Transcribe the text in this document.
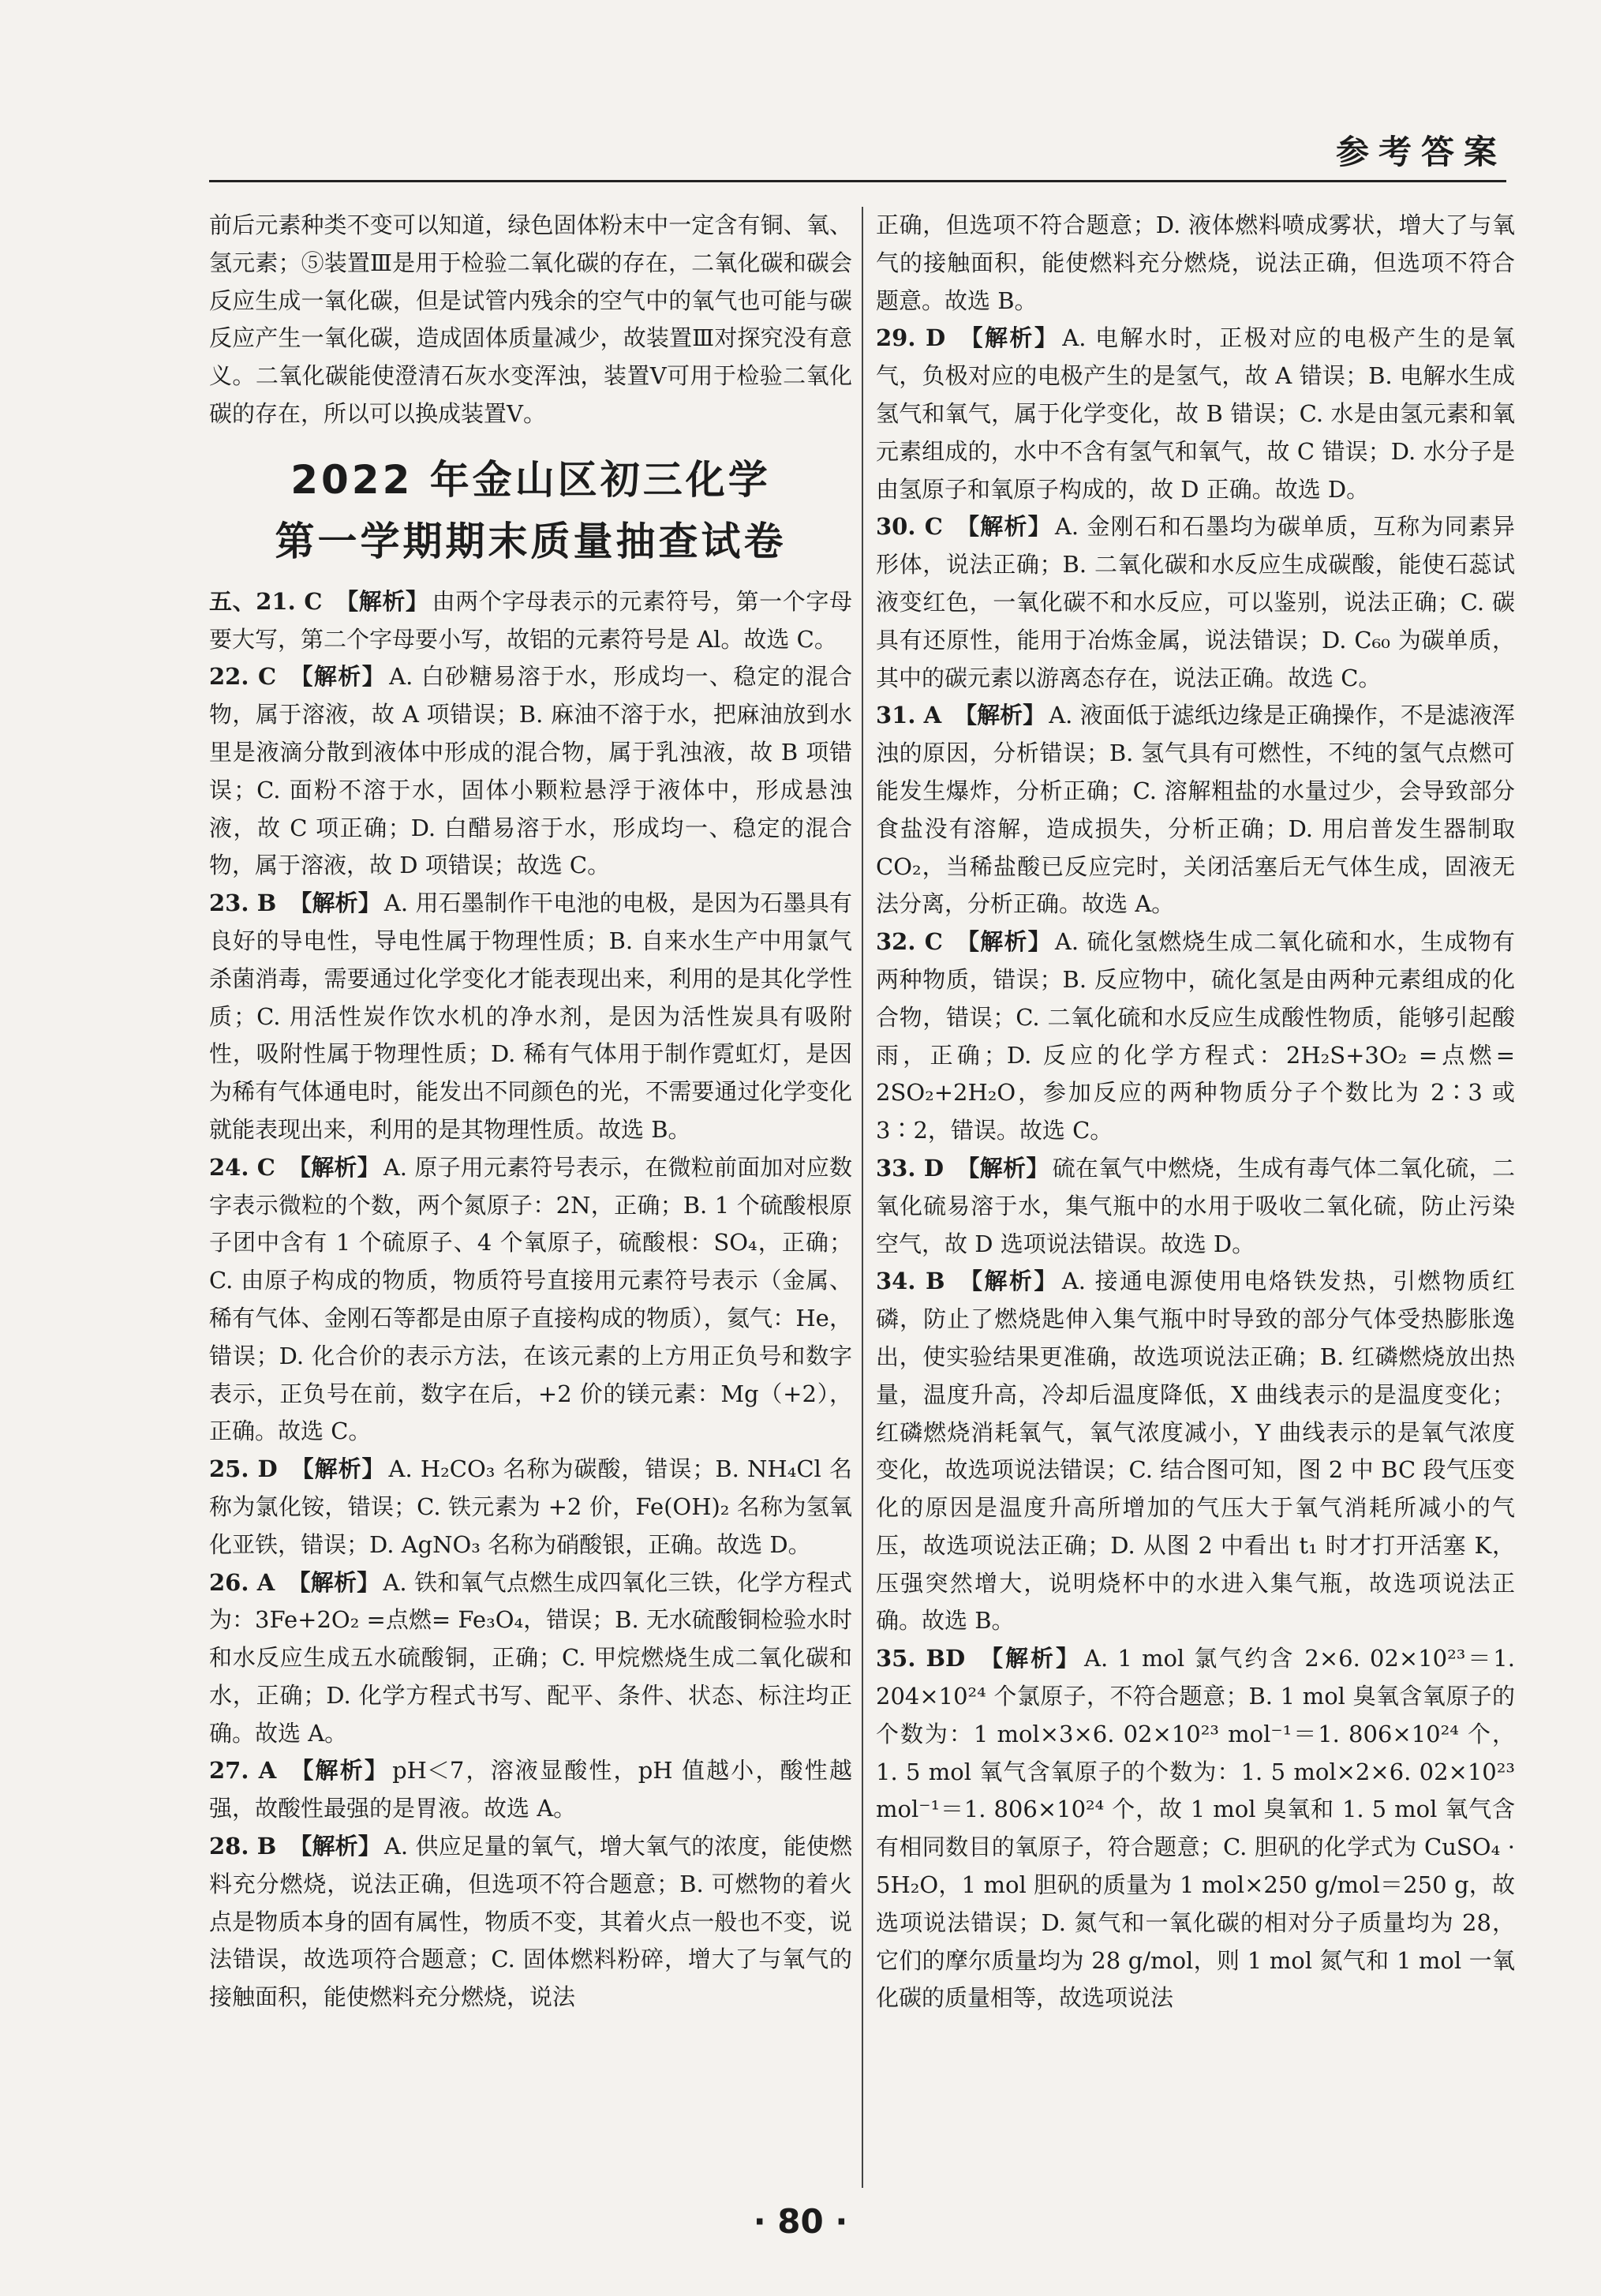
参考答案

前后元素种类不变可以知道，绿色固体粉末中一定含有铜、氧、氢元素；⑤装置Ⅲ是用于检验二氧化碳的存在，二氧化碳和碳会反应生成一氧化碳，但是试管内残余的空气中的氧气也可能与碳反应产生一氧化碳，造成固体质量减少，故装置Ⅲ对探究没有意义。二氧化碳能使澄清石灰水变浑浊，装置Ⅴ可用于检验二氧化碳的存在，所以可以换成装置Ⅴ。

2022 年金山区初三化学
第一学期期末质量抽查试卷

五、21. C 【解析】 由两个字母表示的元素符号，第一个字母要大写，第二个字母要小写，故铝的元素符号是 Al。故选 C。

22. C 【解析】 A. 白砂糖易溶于水，形成均一、稳定的混合物，属于溶液，故 A 项错误；B. 麻油不溶于水，把麻油放到水里是液滴分散到液体中形成的混合物，属于乳浊液，故 B 项错误；C. 面粉不溶于水，固体小颗粒悬浮于液体中，形成悬浊液，故 C 项正确；D. 白醋易溶于水，形成均一、稳定的混合物，属于溶液，故 D 项错误；故选 C。

23. B 【解析】 A. 用石墨制作干电池的电极，是因为石墨具有良好的导电性，导电性属于物理性质；B. 自来水生产中用氯气杀菌消毒，需要通过化学变化才能表现出来，利用的是其化学性质；C. 用活性炭作饮水机的净水剂，是因为活性炭具有吸附性，吸附性属于物理性质；D. 稀有气体用于制作霓虹灯，是因为稀有气体通电时，能发出不同颜色的光，不需要通过化学变化就能表现出来，利用的是其物理性质。故选 B。

24. C 【解析】 A. 原子用元素符号表示，在微粒前面加对应数字表示微粒的个数，两个氮原子：2N，正确；B. 1 个硫酸根原子团中含有 1 个硫原子、4 个氧原子，硫酸根：SO₄，正确；C. 由原子构成的物质，物质符号直接用元素符号表示（金属、稀有气体、金刚石等都是由原子直接构成的物质），氦气：He，错误；D. 化合价的表示方法，在该元素的上方用正负号和数字表示，正负号在前，数字在后，+2 价的镁元素：Mg（+2），正确。故选 C。

25. D 【解析】 A. H₂CO₃ 名称为碳酸，错误；B. NH₄Cl 名称为氯化铵，错误；C. 铁元素为 +2 价，Fe(OH)₂ 名称为氢氧化亚铁，错误；D. AgNO₃ 名称为硝酸银，正确。故选 D。

26. A 【解析】 A. 铁和氧气点燃生成四氧化三铁，化学方程式为：3Fe+2O₂ =点燃= Fe₃O₄，错误；B. 无水硫酸铜检验水时和水反应生成五水硫酸铜，正确；C. 甲烷燃烧生成二氧化碳和水，正确；D. 化学方程式书写、配平、条件、状态、标注均正确。故选 A。

27. A 【解析】 pH＜7，溶液显酸性，pH 值越小，酸性越强，故酸性最强的是胃液。故选 A。

28. B 【解析】 A. 供应足量的氧气，增大氧气的浓度，能使燃料充分燃烧，说法正确，但选项不符合题意；B. 可燃物的着火点是物质本身的固有属性，物质不变，其着火点一般也不变，说法错误，故选项符合题意；C. 固体燃料粉碎，增大了与氧气的接触面积，能使燃料充分燃烧，说法

正确，但选项不符合题意；D. 液体燃料喷成雾状，增大了与氧气的接触面积，能使燃料充分燃烧，说法正确，但选项不符合题意。故选 B。

29. D 【解析】 A. 电解水时，正极对应的电极产生的是氧气，负极对应的电极产生的是氢气，故 A 错误；B. 电解水生成氢气和氧气，属于化学变化，故 B 错误；C. 水是由氢元素和氧元素组成的，水中不含有氢气和氧气，故 C 错误；D. 水分子是由氢原子和氧原子构成的，故 D 正确。故选 D。

30. C 【解析】 A. 金刚石和石墨均为碳单质，互称为同素异形体，说法正确；B. 二氧化碳和水反应生成碳酸，能使石蕊试液变红色，一氧化碳不和水反应，可以鉴别，说法正确；C. 碳具有还原性，能用于冶炼金属，说法错误；D. C₆₀ 为碳单质，其中的碳元素以游离态存在，说法正确。故选 C。

31. A 【解析】 A. 液面低于滤纸边缘是正确操作，不是滤液浑浊的原因，分析错误；B. 氢气具有可燃性，不纯的氢气点燃可能发生爆炸，分析正确；C. 溶解粗盐的水量过少，会导致部分食盐没有溶解，造成损失，分析正确；D. 用启普发生器制取 CO₂，当稀盐酸已反应完时，关闭活塞后无气体生成，固液无法分离，分析正确。故选 A。

32. C 【解析】 A. 硫化氢燃烧生成二氧化硫和水，生成物有两种物质，错误；B. 反应物中，硫化氢是由两种元素组成的化合物，错误；C. 二氧化硫和水反应生成酸性物质，能够引起酸雨，正确；D. 反应的化学方程式：2H₂S+3O₂ =点燃= 2SO₂+2H₂O，参加反应的两种物质分子个数比为 2∶3 或 3∶2，错误。故选 C。

33. D 【解析】 硫在氧气中燃烧，生成有毒气体二氧化硫，二氧化硫易溶于水，集气瓶中的水用于吸收二氧化硫，防止污染空气，故 D 选项说法错误。故选 D。

34. B 【解析】 A. 接通电源使用电烙铁发热，引燃物质红磷，防止了燃烧匙伸入集气瓶中时导致的部分气体受热膨胀逸出，使实验结果更准确，故选项说法正确；B. 红磷燃烧放出热量，温度升高，冷却后温度降低，X 曲线表示的是温度变化；红磷燃烧消耗氧气，氧气浓度减小，Y 曲线表示的是氧气浓度变化，故选项说法错误；C. 结合图可知，图 2 中 BC 段气压变化的原因是温度升高所增加的气压大于氧气消耗所减小的气压，故选项说法正确；D. 从图 2 中看出 t₁ 时才打开活塞 K，压强突然增大，说明烧杯中的水进入集气瓶，故选项说法正确。故选 B。

35. BD 【解析】 A. 1 mol 氯气约含 2×6. 02×10²³＝1. 204×10²⁴ 个氯原子，不符合题意；B. 1 mol 臭氧含氧原子的个数为：1 mol×3×6. 02×10²³ mol⁻¹＝1. 806×10²⁴ 个，1. 5 mol 氧气含氧原子的个数为：1. 5 mol×2×6. 02×10²³ mol⁻¹＝1. 806×10²⁴ 个，故 1 mol 臭氧和 1. 5 mol 氧气含有相同数目的氧原子，符合题意；C. 胆矾的化学式为 CuSO₄ · 5H₂O，1 mol 胆矾的质量为 1 mol×250 g/mol＝250 g，故选项说法错误；D. 氮气和一氧化碳的相对分子质量均为 28，它们的摩尔质量均为 28 g/mol，则 1 mol 氮气和 1 mol 一氧化碳的质量相等，故选项说法

· 80 ·
